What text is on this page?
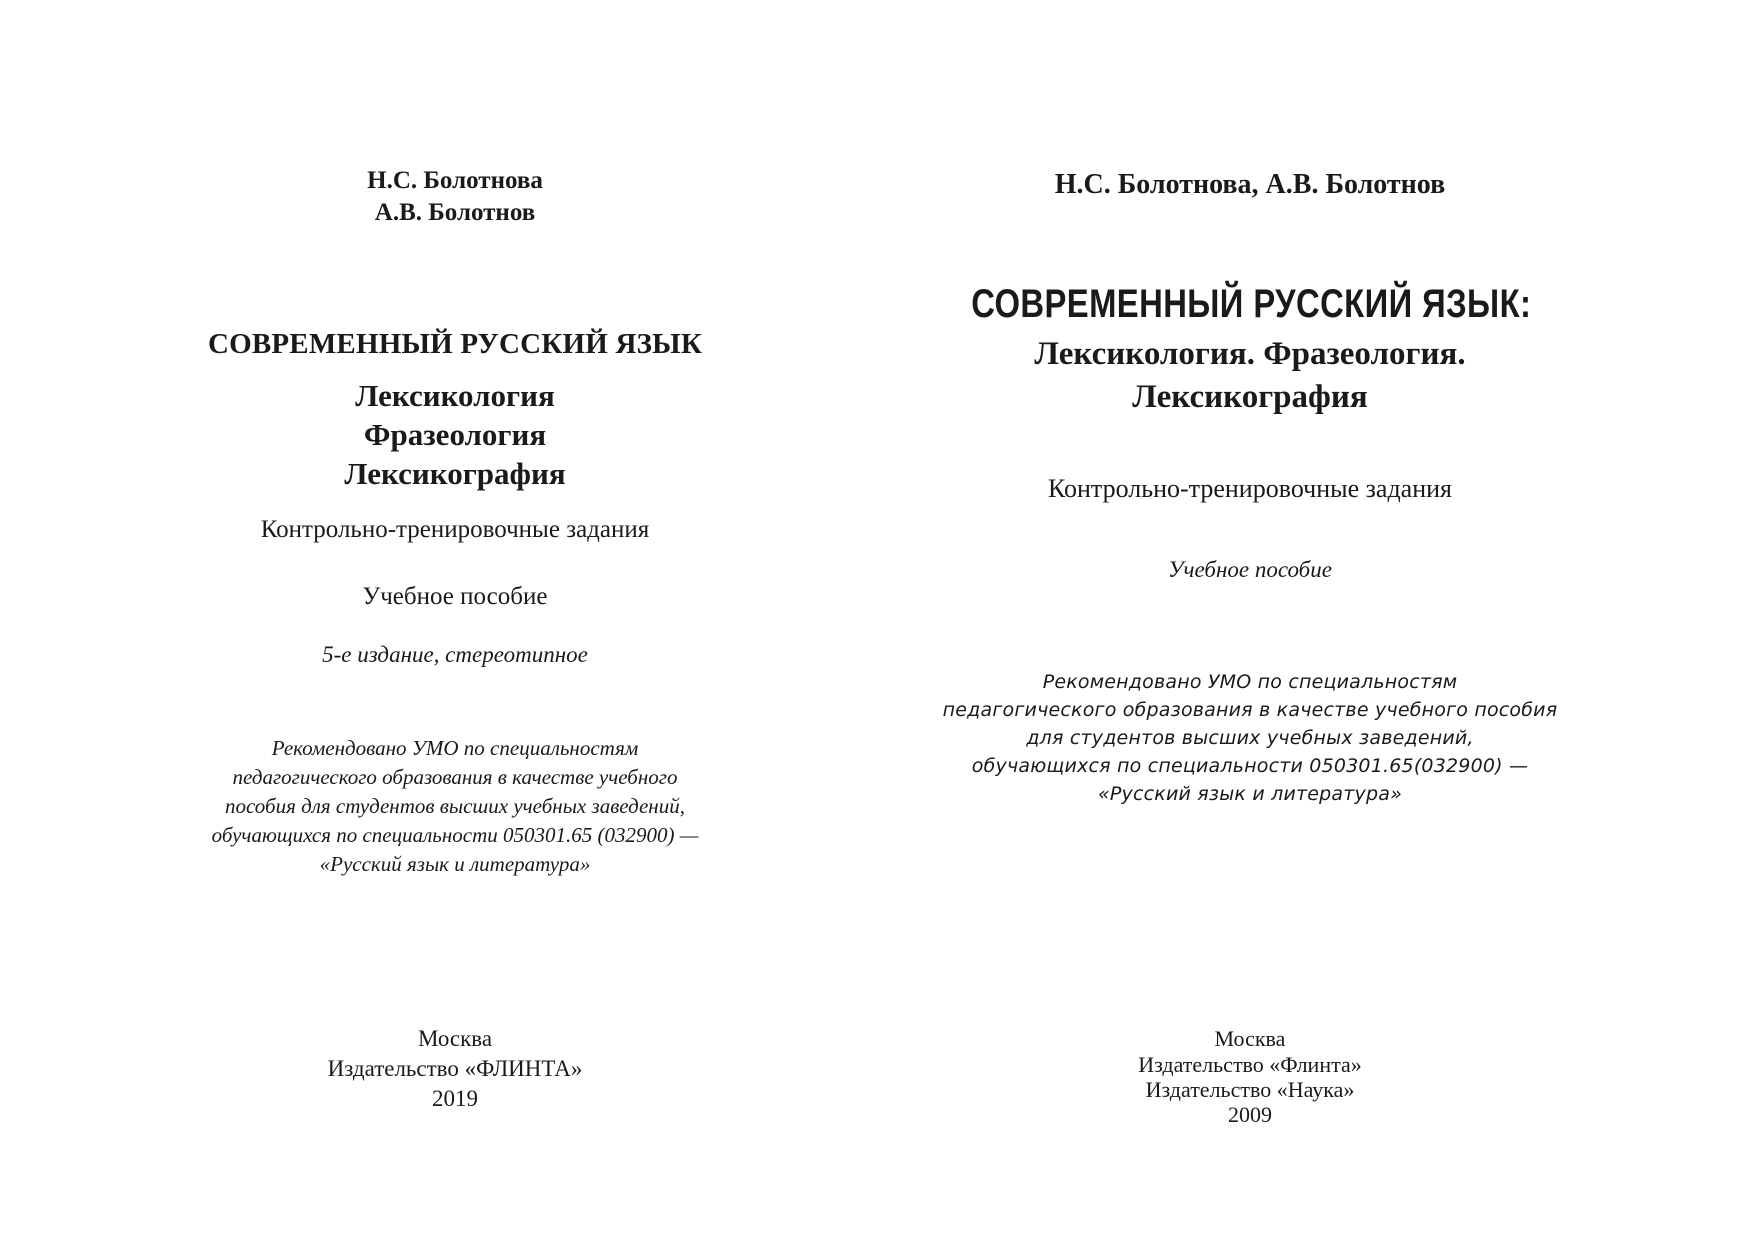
Н.С. Болотнова
А.В. Болотнов
СОВРЕМЕННЫЙ РУССКИЙ ЯЗЫК
Лексикология
Фразеология
Лексикография
Контрольно-тренировочные задания
Учебное пособие
5-е издание, стереотипное
Рекомендовано УМО по специальностям
педагогического образования в качестве учебного
пособия для студентов высших учебных заведений,
обучающихся по специальности 050301.65 (032900) —
«Русский язык и литература»
Москва
Издательство «ФЛИНТА»
2019
Н.С. Болотнова, А.В. Болотнов
СОВРЕМЕННЫЙ РУССКИЙ ЯЗЫК:
Лексикология. Фразеология.
Лексикография
Контрольно-тренировочные задания
Учебное пособие
Рекомендовано УМО по специальностям
педагогического образования в качестве учебного пособия
для студентов высших учебных заведений,
обучающихся по специальности 050301.65(032900) —
«Русский язык и литература»
Москва
Издательство «Флинта»
Издательство «Наука»
2009
